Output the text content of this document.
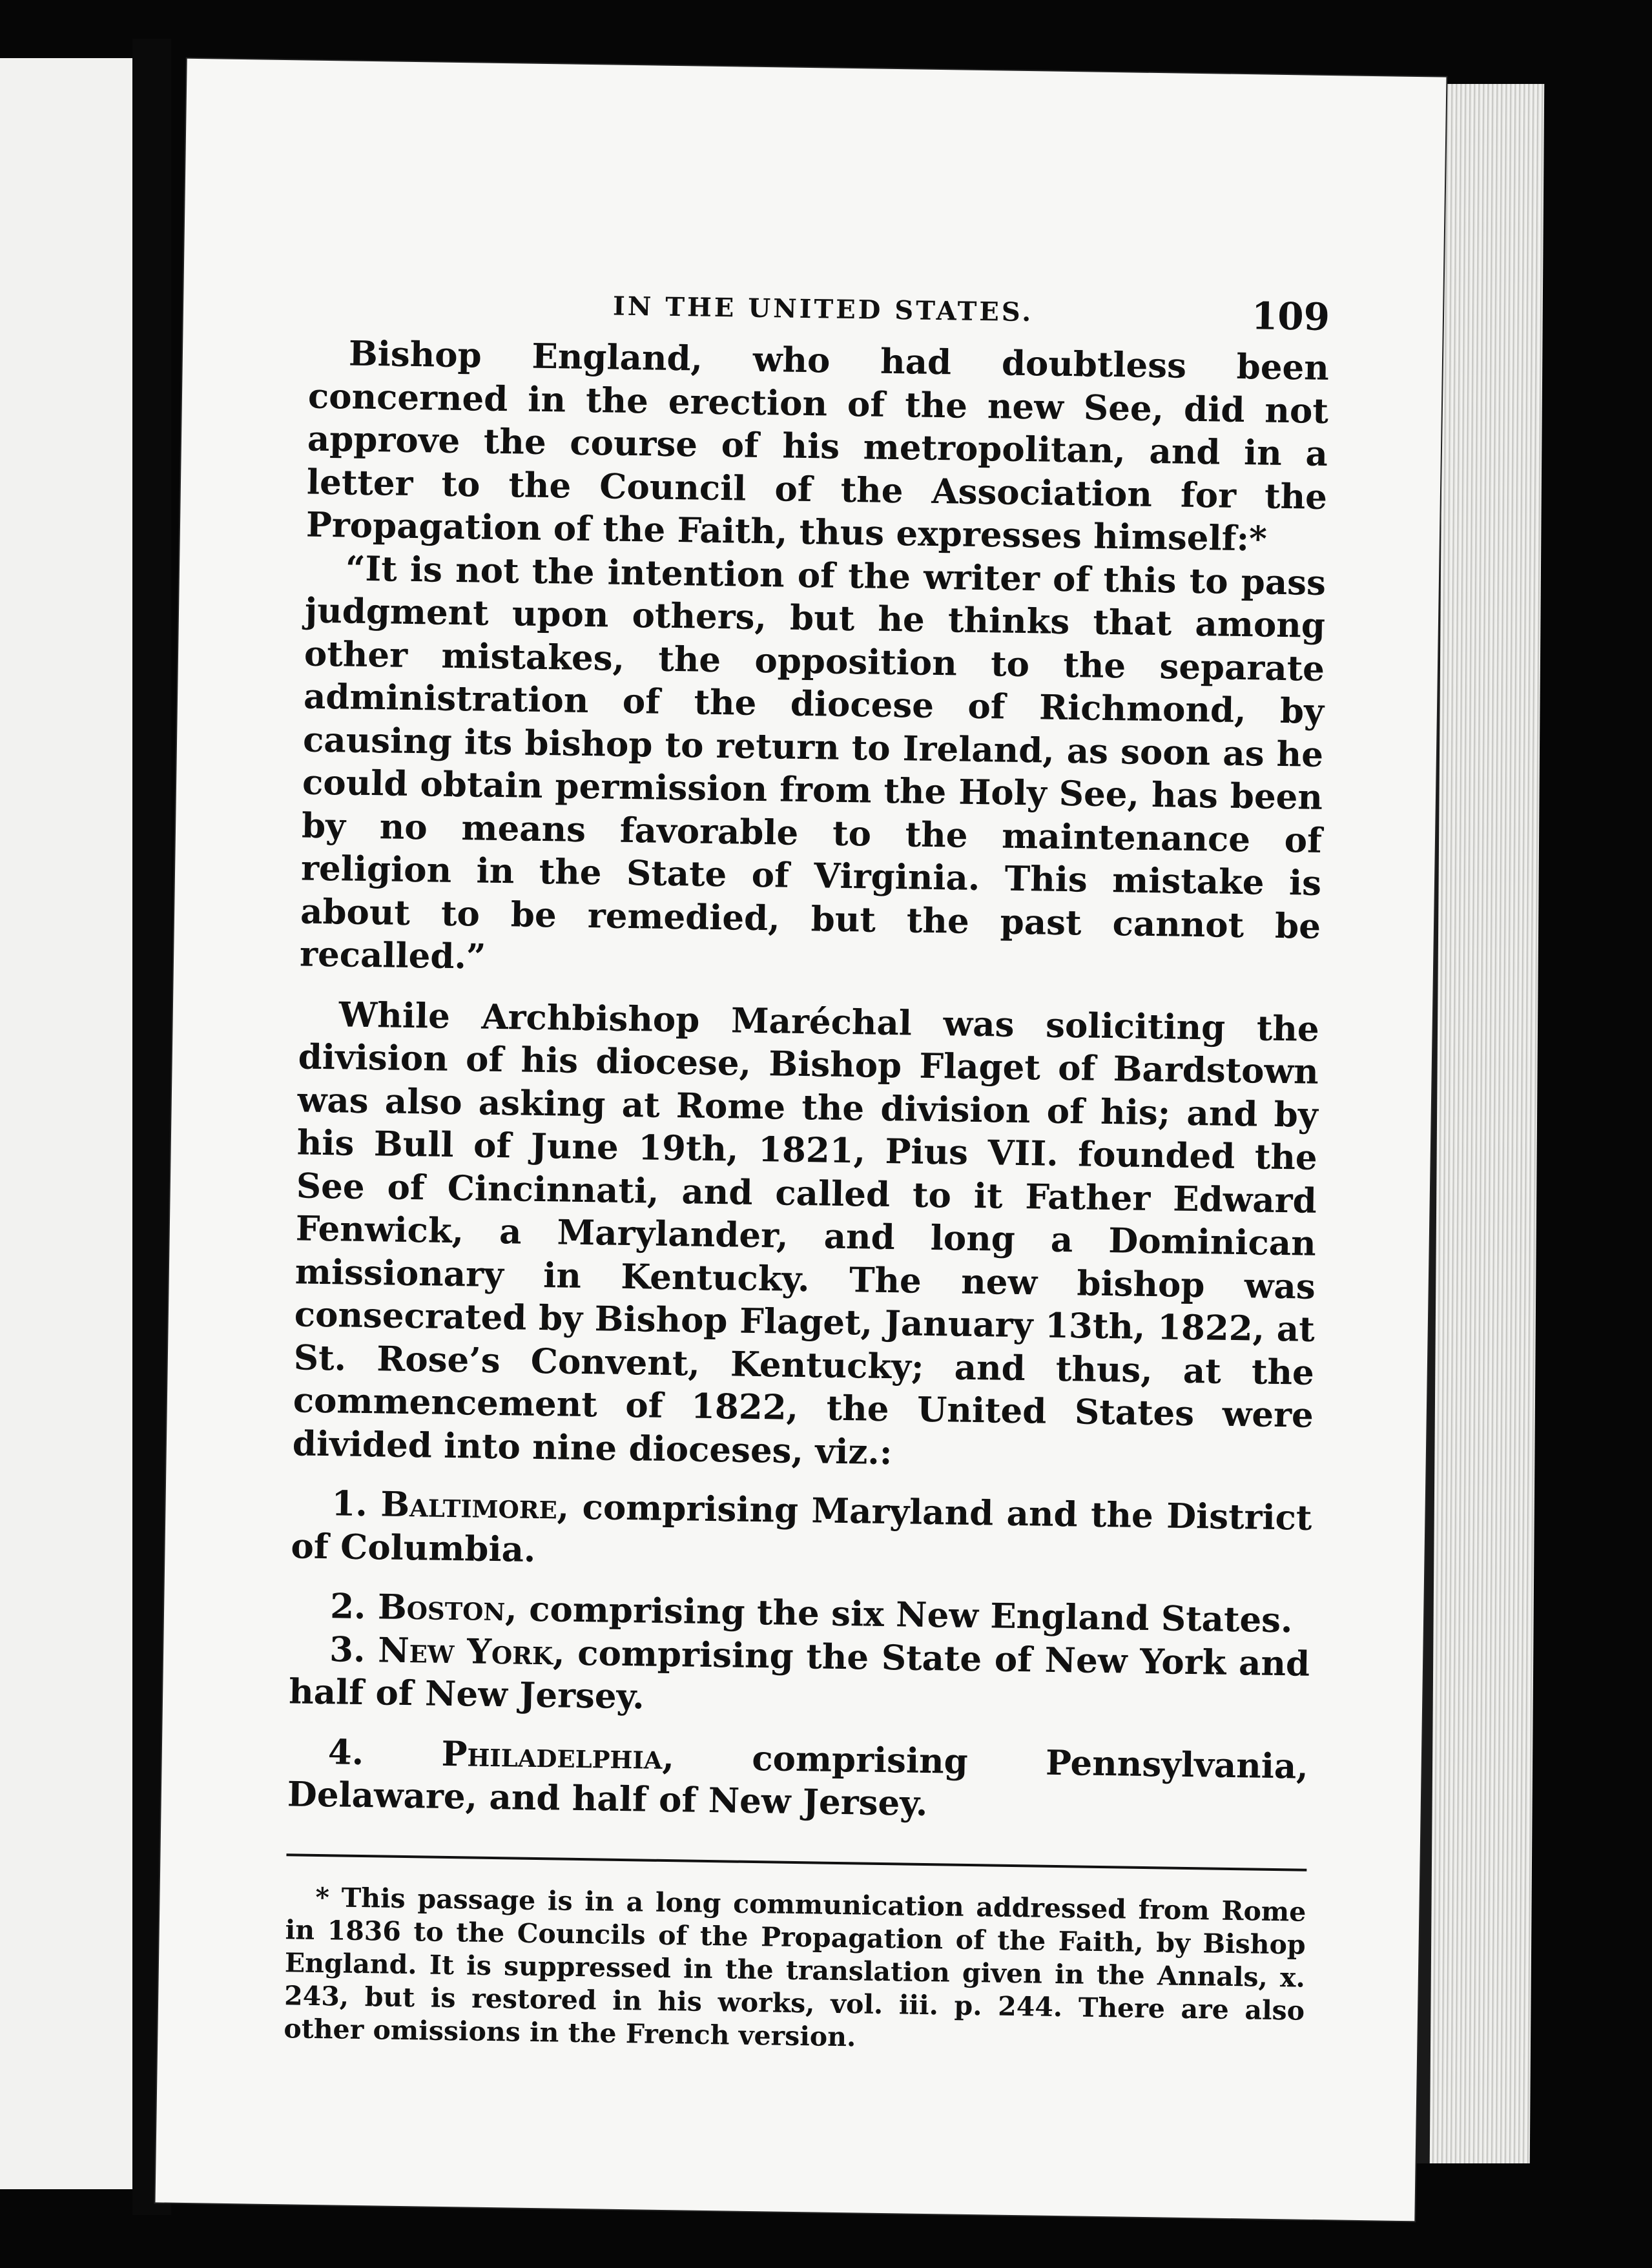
IN THE UNITED STATES.	109

Bishop England, who had doubtless been concerned in the erection of the new See, did not approve the course of his metropolitan, and in a letter to the Council of the Association for the Propagation of the Faith, thus expresses himself:*

“It is not the intention of the writer of this to pass judgment upon others, but he thinks that among other mistakes, the opposition to the separate administration of the diocese of Richmond, by causing its bishop to return to Ireland, as soon as he could obtain permission from the Holy See, has been by no means favorable to the maintenance of religion in the State of Virginia. This mistake is about to be remedied, but the past cannot be recalled.”

While Archbishop Maréchal was soliciting the division of his diocese, Bishop Flaget of Bardstown was also asking at Rome the division of his; and by his Bull of June 19th, 1821, Pius VII. founded the See of Cincinnati, and called to it Father Edward Fenwick, a Marylander, and long a Dominican missionary in Kentucky. The new bishop was consecrated by Bishop Flaget, January 13th, 1822, at St. Rose’s Convent, Kentucky; and thus, at the commencement of 1822, the United States were divided into nine dioceses, viz.:

1. Baltimore, comprising Maryland and the District of Columbia.

2. Boston, comprising the six New England States.

3. New York, comprising the State of New York and half of New Jersey.

4. Philadelphia, comprising Pennsylvania, Delaware, and half of New Jersey.

* This passage is in a long communication addressed from Rome in 1836 to the Councils of the Propagation of the Faith, by Bishop England. It is suppressed in the translation given in the Annals, x. 243, but is restored in his works, vol. iii. p. 244. There are also other omissions in the French version.
